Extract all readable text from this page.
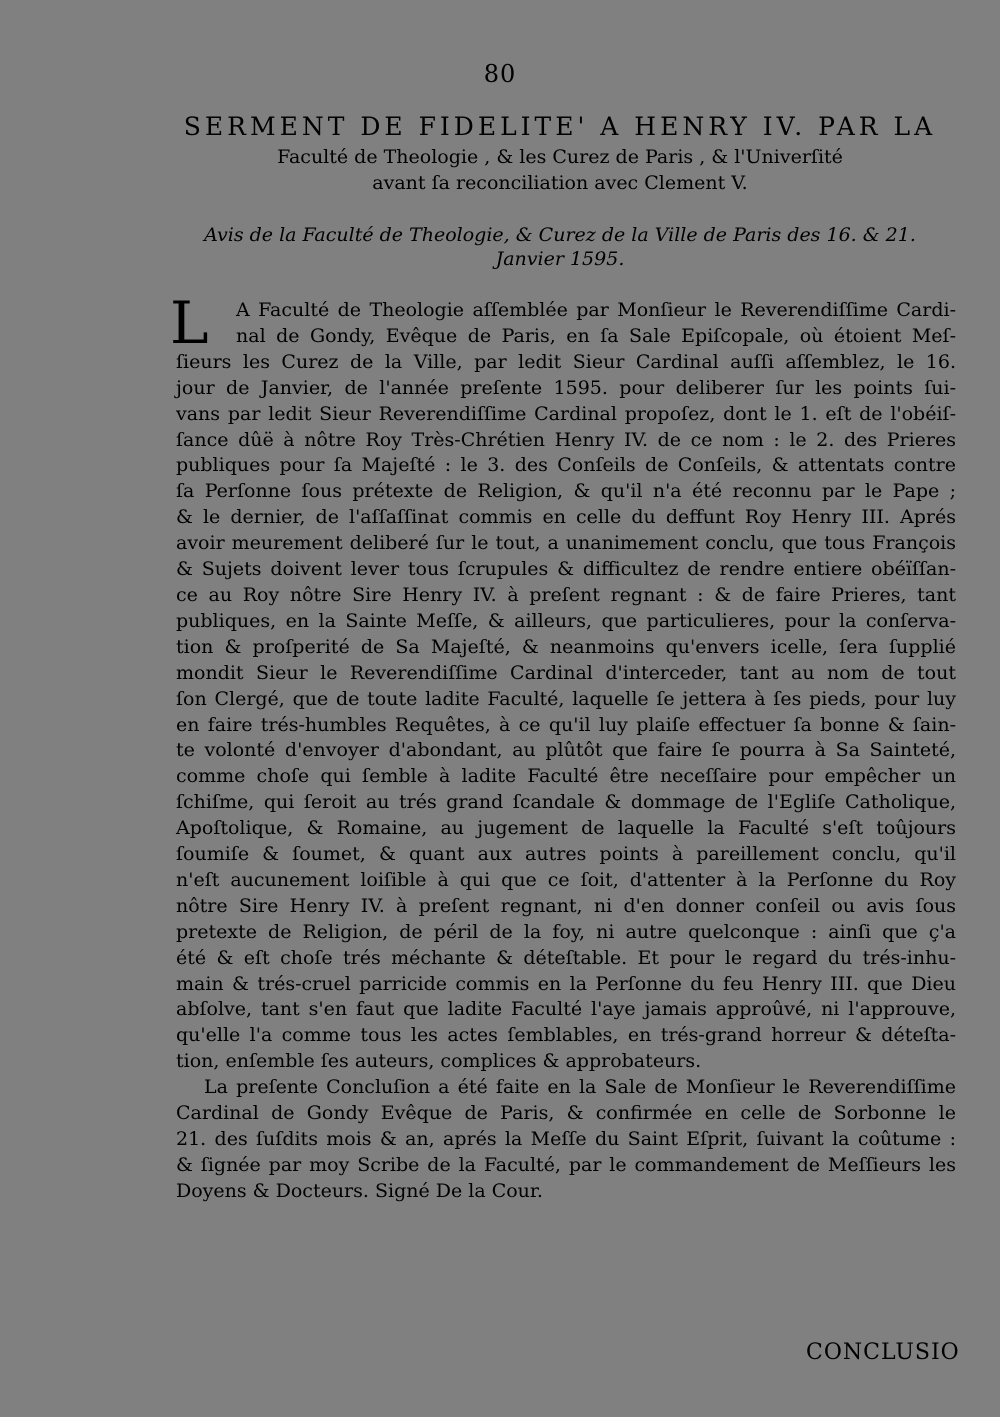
80
SERMENT DE FIDELITE' A HENRY IV. PAR LA
Faculté de Theologie , & les Curez de Paris , & l'Univerſité
avant ſa reconciliation avec Clement V.
Avis de la Faculté de Theologie, & Curez de la Ville de Paris des 16. & 21.
Janvier 1595.
L	A Faculté de Theologie aſſemblée par Monſieur le Reverendiſſime Cardi-
nal de Gondy, Evêque de Paris, en ſa Sale Epiſcopale, où étoient Meſ-
ſieurs les Curez de la Ville, par ledit Sieur Cardinal auſſi aſſemblez, le 16.
jour de Janvier, de l'année preſente 1595. pour deliberer ſur les points ſui-
vans par ledit Sieur Reverendiſſime Cardinal propoſez, dont le 1. eſt de l'obéiſ-
ſance dûë à nôtre Roy Très-Chrétien Henry IV. de ce nom : le 2. des Prieres
publiques pour ſa Majeſté : le 3. des Conſeils de Conſeils, & attentats contre
ſa Perſonne ſous prétexte de Religion, & qu'il n'a été reconnu par le Pape ;
& le dernier, de l'aſſaſſinat commis en celle du deffunt Roy Henry III. Aprés
avoir meurement deliberé ſur le tout, a unanimement conclu, que tous François
& Sujets doivent lever tous ſcrupules & difficultez de rendre entiere obéïſſan-
ce au Roy nôtre Sire Henry IV. à preſent regnant : & de faire Prieres, tant
publiques, en la Sainte Meſſe, & ailleurs, que particulieres, pour la conſerva-
tion & proſperité de Sa Majeſté, & neanmoins qu'envers icelle, ſera ſupplié
mondit Sieur le Reverendiſſime Cardinal d'interceder, tant au nom de tout
ſon Clergé, que de toute ladite Faculté, laquelle ſe jettera à ſes pieds, pour luy
en faire trés-humbles Requêtes, à ce qu'il luy plaiſe effectuer ſa bonne & ſain-
te volonté d'envoyer d'abondant, au plûtôt que faire ſe pourra à Sa Sainteté,
comme choſe qui ſemble à ladite Faculté être neceſſaire pour empêcher un
ſchiſme, qui ſeroit au trés grand ſcandale & dommage de l'Egliſe Catholique,
Apoſtolique, & Romaine, au jugement de laquelle la Faculté s'eſt toûjours
ſoumiſe & ſoumet, & quant aux autres points à pareillement conclu, qu'il
n'eſt aucunement loiſible à qui que ce ſoit, d'attenter à la Perſonne du Roy
nôtre Sire Henry IV. à preſent regnant, ni d'en donner conſeil ou avis ſous
pretexte de Religion, de péril de la foy, ni autre quelconque : ainſi que ç'a
été & eſt choſe trés méchante & déteſtable. Et pour le regard du trés-inhu-
main & trés-cruel parricide commis en la Perſonne du feu Henry III. que Dieu
abſolve, tant s'en faut que ladite Faculté l'aye jamais approûvé, ni l'approuve,
qu'elle l'a comme tous les actes ſemblables, en trés-grand horreur & déteſta-
tion, enſemble ſes auteurs, complices & approbateurs.
La preſente Concluſion a été faite en la Sale de Monſieur le Reverendiſſime
Cardinal de Gondy Evêque de Paris, & confirmée en celle de Sorbonne le
21. des ſuſdits mois & an, aprés la Meſſe du Saint Eſprit, ſuivant la coûtume :
& ſignée par moy Scribe de la Faculté, par le commandement de Meſſieurs les
Doyens & Docteurs. Signé De la Cour.
CONCLUSIO
